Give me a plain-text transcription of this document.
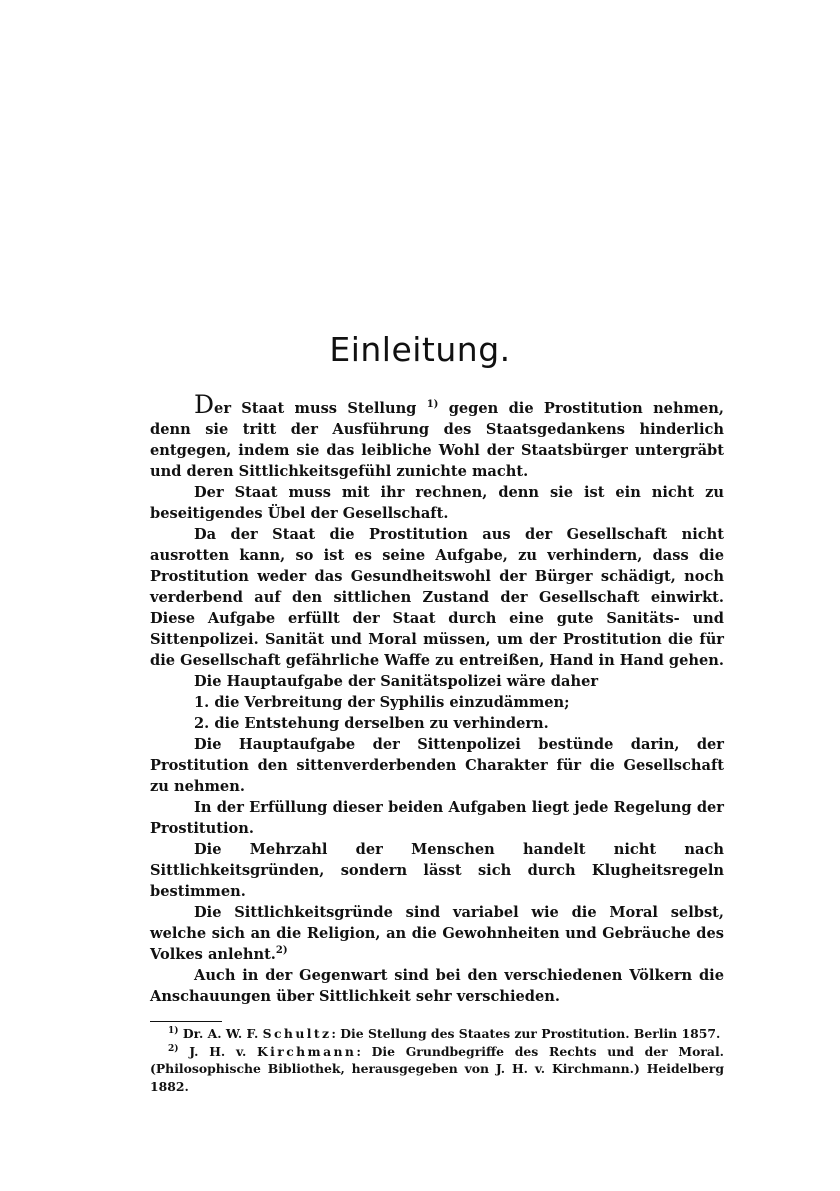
Einleitung.

Der Staat muss Stellung $^{1)}$ gegen die Prostitution nehmen, denn sie tritt der Ausführung des Staatsgedankens hinderlich entgegen, indem sie das leibliche Wohl der Staatsbürger untergräbt und deren Sittlichkeitsgefühl zunichte macht.

Der Staat muss mit ihr rechnen, denn sie ist ein nicht zu beseitigendes Übel der Gesellschaft.

Da der Staat die Prostitution aus der Gesellschaft nicht ausrotten kann, so ist es seine Aufgabe, zu verhindern, dass die Prostitution weder das Gesundheitswohl der Bürger schädigt, noch verderbend auf den sittlichen Zustand der Gesellschaft einwirkt. Diese Aufgabe erfüllt der Staat durch eine gute Sanitäts- und Sittenpolizei. Sanität und Moral müssen, um der Prostitution die für die Gesellschaft gefährliche Waffe zu entreißen, Hand in Hand gehen.

Die Hauptaufgabe der Sanitätspolizei wäre daher

1. die Verbreitung der Syphilis einzudämmen;

2. die Entstehung derselben zu verhindern.

Die Hauptaufgabe der Sittenpolizei bestünde darin, der Prostitution den sittenverderbenden Charakter für die Gesellschaft zu nehmen.

In der Erfüllung dieser beiden Aufgaben liegt jede Regelung der Prostitution.

Die Mehrzahl der Menschen handelt nicht nach Sittlichkeitsgründen, sondern lässt sich durch Klugheitsregeln bestimmen.

Die Sittlichkeitsgründe sind variabel wie die Moral selbst, welche sich an die Religion, an die Gewohnheiten und Gebräuche des Volkes anlehnt.$^{2)}$

Auch in der Gegenwart sind bei den verschiedenen Völkern die Anschauungen über Sittlichkeit sehr verschieden.

$^{1)}$ Dr. A. W. F. Schultz: Die Stellung des Staates zur Prostitution. Berlin 1857.

$^{2)}$ J. H. v. Kirchmann: Die Grundbegriffe des Rechts und der Moral. (Philosophische Bibliothek, herausgegeben von J. H. v. Kirchmann.) Heidelberg 1882.
